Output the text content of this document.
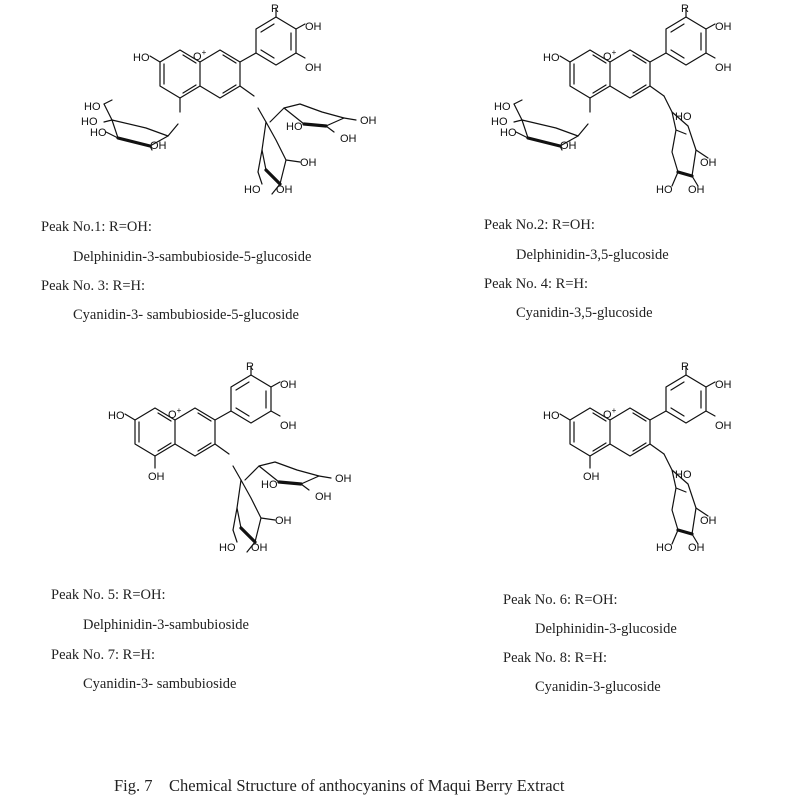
R
OH
OH
HO	O+
HO
HO
HO
OH
HO	OH
OH
OH
HO OH
Peak No.1: R=OH:
Delphinidin-3-sambubioside-5-glucoside
Peak No. 3: R=H:
Cyanidin-3- sambubioside-5-glucoside
R
OH
OH
HO	O+
HO
HO
HO
OH
HO
OH
HO OH
Peak No.2: R=OH:
Delphinidin-3,5-glucoside
Peak No. 4: R=H:
Cyanidin-3,5-glucoside
R
OH
OH
HO	O+
OH
HO	OH
OH
OH
HO OH
Peak No. 5: R=OH:
Delphinidin-3-sambubioside
Peak No. 7: R=H:
Cyanidin-3- sambubioside
R
OH
OH
HO	O+
OH	HO
OH
HO OH
Peak No. 6: R=OH:
Delphinidin-3-glucoside
Peak No. 8: R=H:
Cyanidin-3-glucoside
Fig. 7    Chemical Structure of anthocyanins of Maqui Berry Extract
